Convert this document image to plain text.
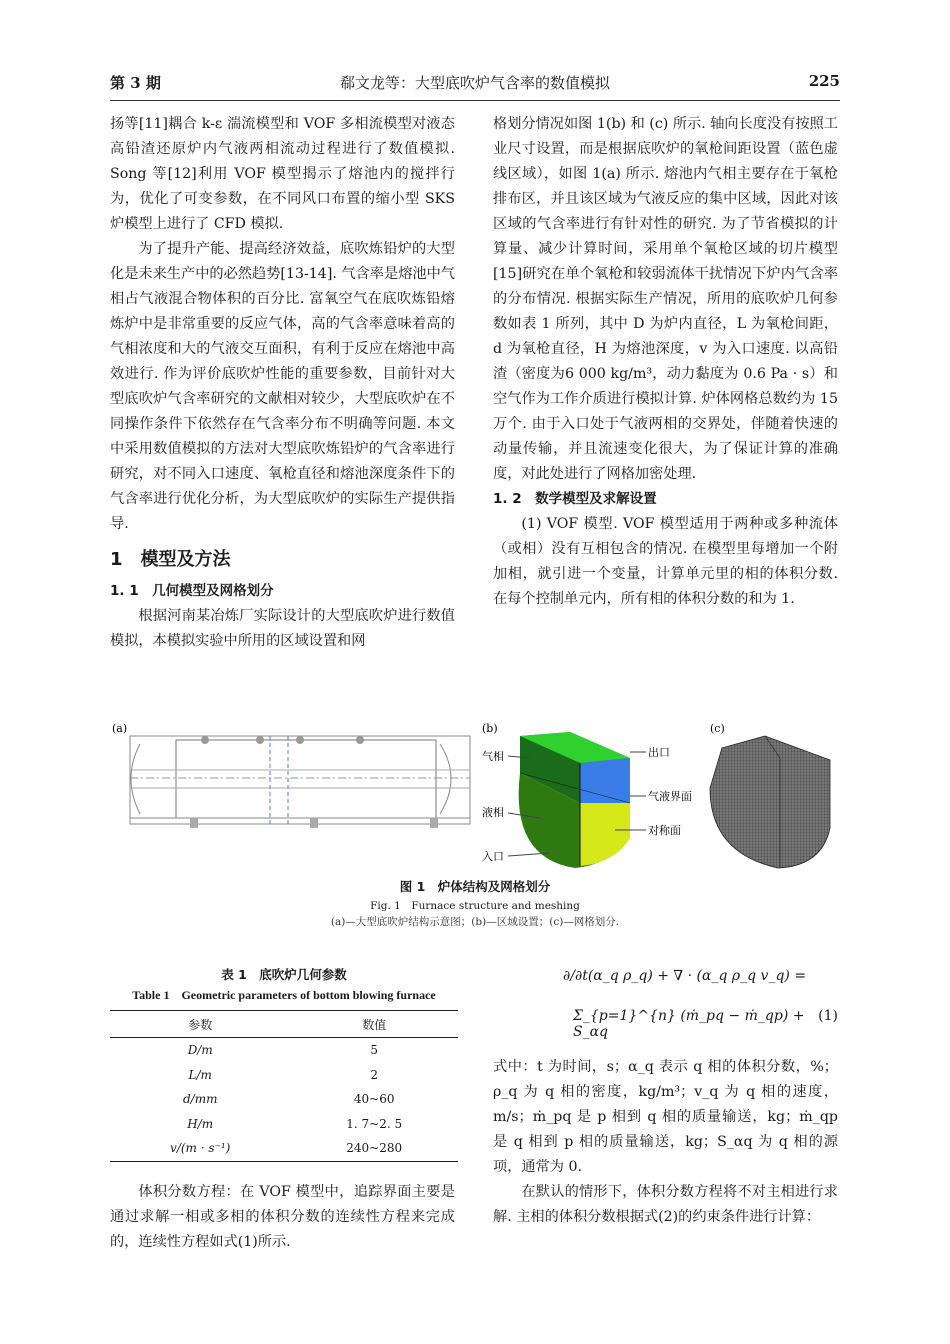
第 3 期	郗文龙等：大型底吹炉气含率的数值模拟	225

扬等[11]耦合 k-ε 湍流模型和 VOF 多相流模型对液态高铅渣还原炉内气液两相流动过程进行了数值模拟. Song 等[12]利用 VOF 模型揭示了熔池内的搅拌行为，优化了可变参数，在不同风口布置的缩小型 SKS 炉模型上进行了 CFD 模拟.

为了提升产能、提高经济效益，底吹炼铅炉的大型化是未来生产中的必然趋势[13-14]. 气含率是熔池中气相占气液混合物体积的百分比. 富氧空气在底吹炼铅熔炼炉中是非常重要的反应气体，高的气含率意味着高的气相浓度和大的气液交互面积，有利于反应在熔池中高效进行. 作为评价底吹炉性能的重要参数，目前针对大型底吹炉气含率研究的文献相对较少，大型底吹炉在不同操作条件下依然存在气含率分布不明确等问题. 本文中采用数值模拟的方法对大型底吹炼铅炉的气含率进行研究，对不同入口速度、氧枪直径和熔池深度条件下的气含率进行优化分析，为大型底吹炉的实际生产提供指导.

1　模型及方法
1. 1　几何模型及网格划分

根据河南某冶炼厂实际设计的大型底吹炉进行数值模拟，本模拟实验中所用的区域设置和网

格划分情况如图 1(b) 和 (c) 所示. 轴向长度没有按照工业尺寸设置，而是根据底吹炉的氧枪间距设置（蓝色虚线区域），如图 1(a) 所示. 熔池内气相主要存在于氧枪排布区，并且该区域为气液反应的集中区域，因此对该区域的气含率进行有针对性的研究. 为了节省模拟的计算量、减少计算时间，采用单个氧枪区域的切片模型[15]研究在单个氧枪和较弱流体干扰情况下炉内气含率的分布情况. 根据实际生产情况，所用的底吹炉几何参数如表 1 所列，其中 D 为炉内直径，L 为氧枪间距，d 为氧枪直径，H 为熔池深度，v 为入口速度. 以高铅渣（密度为6 000 kg/m³，动力黏度为 0.6 Pa · s）和空气作为工作介质进行模拟计算. 炉体网格总数约为 15 万个. 由于入口处于气液两相的交界处，伴随着快速的动量传输，并且流速变化很大，为了保证计算的准确度，对此处进行了网格加密处理.

1. 2　数学模型及求解设置

(1) VOF 模型. VOF 模型适用于两种或多种流体（或相）没有互相包含的情况. 在模型里每增加一个附加相，就引进一个变量，计算单元里的相的体积分数. 在每个控制单元内，所有相的体积分数的和为 1.

(a)	(b)
气相
液相
入口
出口
气液界面
对称面
(c)
图 1　炉体结构及网格划分
Fig. 1　Furnace structure and meshing
(a)—大型底吹炉结构示意图；(b)—区域设置；(c)—网格划分.
表 1　底吹炉几何参数
Table 1　Geometric parameters of bottom blowing furnace
参数	数值
D/m	5
L/m	2
d/mm	40~60
H/m	1. 7~2. 5
v/(m · s⁻¹)	240~280

体积分数方程：在 VOF 模型中，追踪界面主要是通过求解一相或多相的体积分数的连续性方程来完成的，连续性方程如式(1)所示.

∂/∂t(α_q ρ_q) + ∇ · (α_q ρ_q v_q) =
Σ_{p=1}^{n} (ṁ_pq − ṁ_qp) + S_αq
(1)

式中：t 为时间，s；α_q 表示 q 相的体积分数，%；ρ_q 为 q 相的密度，kg/m³；v_q 为 q 相的速度，m/s；ṁ_pq 是 p 相到 q 相的质量输送，kg；ṁ_qp 是 q 相到 p 相的质量输送，kg；S_αq 为 q 相的源项，通常为 0.

在默认的情形下，体积分数方程将不对主相进行求解. 主相的体积分数根据式(2)的约束条件进行计算：
